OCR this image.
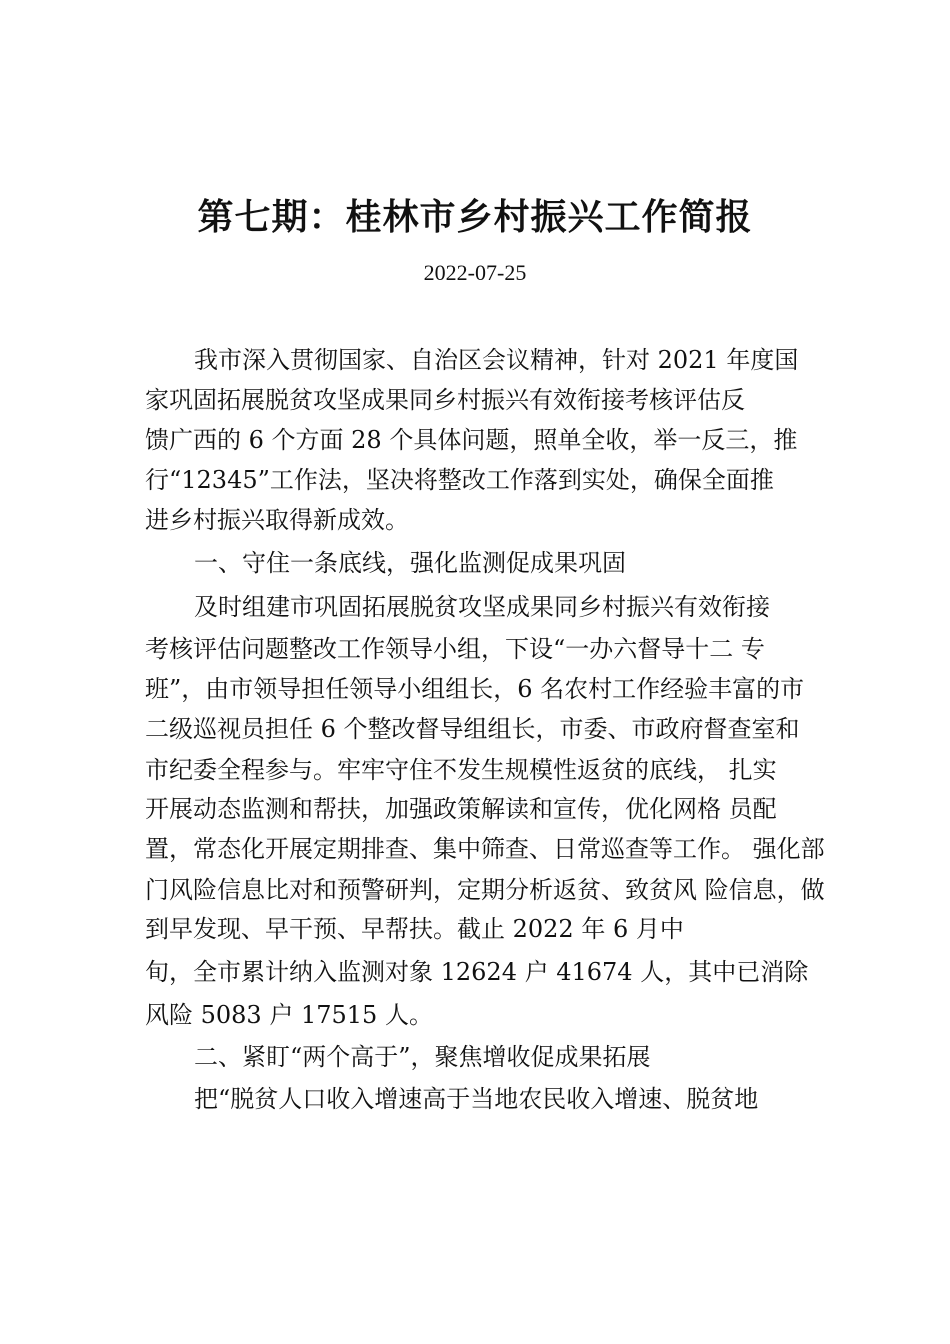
第七期：桂林市乡村振兴工作简报
2022-07-25
我市深入贯彻国家、自治区会议精神，针对 2021 年度国
家巩固拓展脱贫攻坚成果同乡村振兴有效衔接考核评估反
馈广西的 6 个方面 28 个具体问题，照单全收，举一反三，推
行“12345”工作法，坚决将整改工作落到实处，确保全面推
进乡村振兴取得新成效。
一、守住一条底线，强化监测促成果巩固
及时组建市巩固拓展脱贫攻坚成果同乡村振兴有效衔接
考核评估问题整改工作领导小组，下设“一办六督导十二 专
班”，由市领导担任领导小组组长，6 名农村工作经验丰富的市
二级巡视员担任 6 个整改督导组组长，市委、市政府督查室和
市纪委全程参与。牢牢守住不发生规模性返贫的底线， 扎实
开展动态监测和帮扶，加强政策解读和宣传，优化网格 员配
置，常态化开展定期排查、集中筛查、日常巡查等工作。 强化部
门风险信息比对和预警研判，定期分析返贫、致贫风 险信息，做
到早发现、早干预、早帮扶。截止 2022 年 6 月中
旬，全市累计纳入监测对象 12624 户 41674 人，其中已消除
风险 5083 户 17515 人。
二、紧盯“两个高于”，聚焦增收促成果拓展
把“脱贫人口收入增速高于当地农民收入增速、脱贫地
